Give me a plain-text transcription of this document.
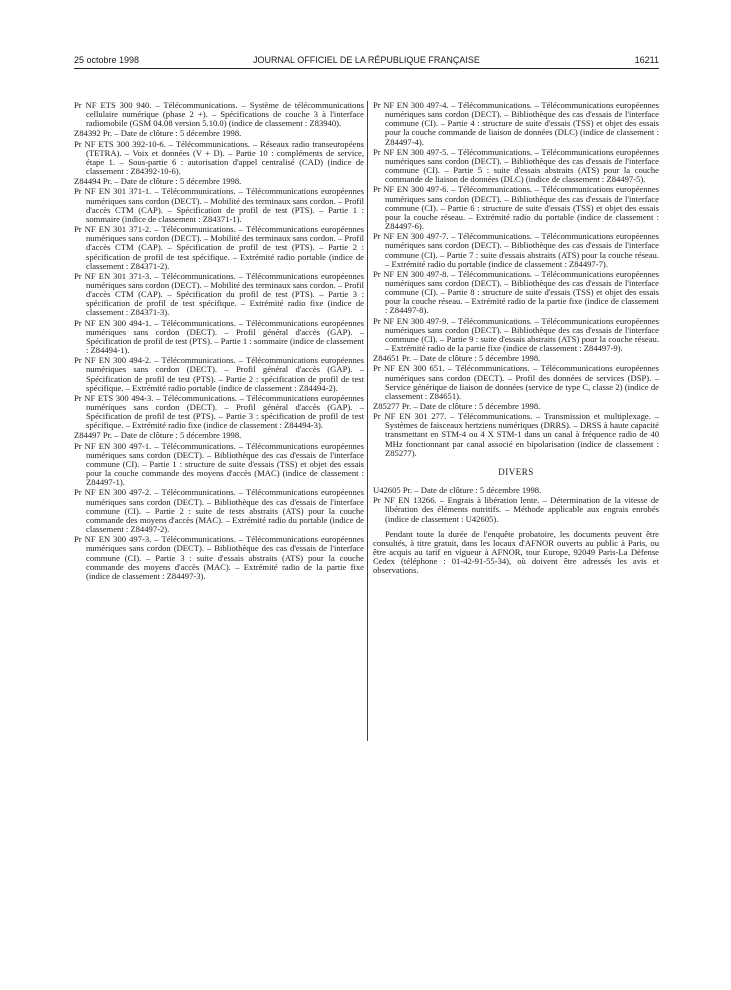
25 octobre 1998	JOURNAL OFFICIEL DE LA RÉPUBLIQUE FRANÇAISE	16211
Pr NF ETS 300 940. – Télécommunications. – Système de télécommunications cellulaire numérique (phase 2 +). – Spécifications de couche 3 à l'interface radiomobile (GSM 04.08 version 5.10.0) (indice de classement : Z83940).
Z84392 Pr. – Date de clôture : 5 décembre 1998.
Pr NF ETS 300 392-10-6. – Télécommunications. – Réseaux radio transeuropéens (TETRA). – Voix et données (V + D). – Partie 10 : compléments de service, étape 1. – Sous-partie 6 : autorisation d'appel centralisé (CAD) (indice de classement : Z84392-10-6).
Z84494 Pr. – Date de clôture : 5 décembre 1998.
Pr NF EN 301 371-1. – Télécommunications. – Télécommunications européennes numériques sans cordon (DECT). – Mobilité des terminaux sans cordon. – Profil d'accès CTM (CAP). – Spécification de profil de test (PTS). – Partie 1 : sommaire (indice de classement : Z84371-1).
Pr NF EN 301 371-2. – Télécommunications. – Télécommunications européennes numériques sans cordon (DECT). – Mobilité des terminaux sans cordon. – Profil d'accès CTM (CAP). – Spécification de profil de test (PTS). – Partie 2 : spécification de profil de test spécifique. – Extrémité radio portable (indice de classement : Z84371-2).
Pr NF EN 301 371-3. – Télécommunications. – Télécommunications européennes numériques sans cordon (DECT). – Mobilité des terminaux sans cordon. – Profil d'accès CTM (CAP). – Spécification du profil de test (PTS). – Partie 3 : spécification de profil de test spécifique. – Extrémité radio fixe (indice de classement : Z84371-3).
Pr NF EN 300 494-1. – Télécommunications. – Télécommunications européennes numériques sans cordon (DECT). – Profil général d'accès (GAP). – Spécification de profil de test (PTS). – Partie 1 : sommaire (indice de classement : Z84494-1).
Pr NF EN 300 494-2. – Télécommunications. – Télécommunications européennes numériques sans cordon (DECT). – Profil général d'accès (GAP). – Spécification de profil de test (PTS). – Partie 2 : spécification de profil de test spécifique. – Extrémité radio portable (indice de classement : Z84494-2).
Pr NF ETS 300 494-3. – Télécommunications. – Télécommunications européennes numériques sans cordon (DECT). – Profil général d'accès (GAP). – Spécification de profil de test (PTS). – Partie 3 : spécification de profil de test spécifique. – Extrémité radio fixe (indice de classement : Z84494-3).
Z84497 Pr. – Date de clôture : 5 décembre 1998.
Pr NF EN 300 497-1. – Télécommunications. – Télécommunications européennes numériques sans cordon (DECT). – Bibliothèque des cas d'essais de l'interface commune (CI). – Partie 1 : structure de suite d'essais (TSS) et objet des essais pour la couche commande des moyens d'accès (MAC) (indice de classement : Z84497-1).
Pr NF EN 300 497-2. – Télécommunications. – Télécommunications européennes numériques sans cordon (DECT). – Bibliothèque des cas d'essais de l'interface commune (CI). – Partie 2 : suite de tests abstraits (ATS) pour la couche commande des moyens d'accès (MAC). – Extrémité radio du portable (indice de classement : Z84497-2).
Pr NF EN 300 497-3. – Télécommunications. – Télécommunications européennes numériques sans cordon (DECT). – Bibliothèque des cas d'essais de l'interface commune (CI). – Partie 3 : suite d'essais abstraits (ATS) pour la couche commande des moyens d'accès (MAC). – Extrémité radio de la partie fixe (indice de classement : Z84497-3).
Pr NF EN 300 497-4. – Télécommunications. – Télécommunications européennes numériques sans cordon (DECT). – Bibliothèque des cas d'essais de l'interface commune (CI). – Partie 4 : structure de suite d'essais (TSS) et objet des essais pour la couche commande de liaison de données (DLC) (indice de classement : Z84497-4).
Pr NF EN 300 497-5. – Télécommunications. – Télécommunications européennes numériques sans cordon (DECT). – Bibliothèque des cas d'essais de l'interface commune (CI). – Partie 5 : suite d'essais abstraits (ATS) pour la couche commande de liaison de données (DLC) (indice de classement : Z84497-5).
Pr NF EN 300 497-6. – Télécommunications. – Télécommunications européennes numériques sans cordon (DECT). – Bibliothèque des cas d'essais de l'interface commune (CI). – Partie 6 : structure de suite d'essais (TSS) et objet des essais pour la couche réseau. – Extrémité radio du portable (indice de classement : Z84497-6).
Pr NF EN 300 497-7. – Télécommunications. – Télécommunications européennes numériques sans cordon (DECT). – Bibliothèque des cas d'essais de l'interface commune (CI). – Partie 7 : suite d'essais abstraits (ATS) pour la couche réseau. – Extrémité radio du portable (indice de classement : Z84497-7).
Pr NF EN 300 497-8. – Télécommunications. – Télécommunications européennes numériques sans cordon (DECT). – Bibliothèque des cas d'essais de l'interface commune (CI). – Partie 8 : structure de suite d'essais (TSS) et objet des essais pour la couche réseau. – Extrémité radio de la partie fixe (indice de classement : Z84497-8).
Pr NF EN 300 497-9. – Télécommunications. – Télécommunications européennes numériques sans cordon (DECT). – Bibliothèque des cas d'essais de l'interface commune (CI). – Partie 9 : suite d'essais abstraits (ATS) pour la couche réseau. – Extrémité radio de la partie fixe (indice de classement : Z84497-9).
Z84651 Pr. – Date de clôture : 5 décembre 1998.
Pr NF EN 300 651. – Télécommunications. – Télécommunications européennes numériques sans cordon (DECT). – Profil des données de services (DSP). – Service générique de liaison de données (service de type C, classe 2) (indice de classement : Z84651).
Z85277 Pr. – Date de clôture : 5 décembre 1998.
Pr NF EN 301 277. – Télécommunications. – Transmission et multiplexage. – Systèmes de faisceaux hertziens numériques (DRRS). – DRSS à haute capacité transmettant en STM-4 ou 4 X STM-1 dans un canal à fréquence radio de 40 MHz fonctionnant par canal associé en bipolarisation (indice de classement : Z85277).
DIVERS
U42605 Pr. – Date de clôture : 5 décembre 1998.
Pr NF EN 13266. – Engrais à libération lente. – Détermination de la vitesse de libération des éléments nutritifs. – Méthode applicable aux engrais enrobés (indice de classement : U42605).
Pendant toute la durée de l'enquête probatoire, les documents peuvent être consultés, à titre gratuit, dans les locaux d'AFNOR ouverts au public à Paris, ou être acquis au tarif en vigueur à AFNOR, tour Europe, 92049 Paris-La Défense Cedex (téléphone : 01-42-91-55-34), où doivent être adressés les avis et observations.
